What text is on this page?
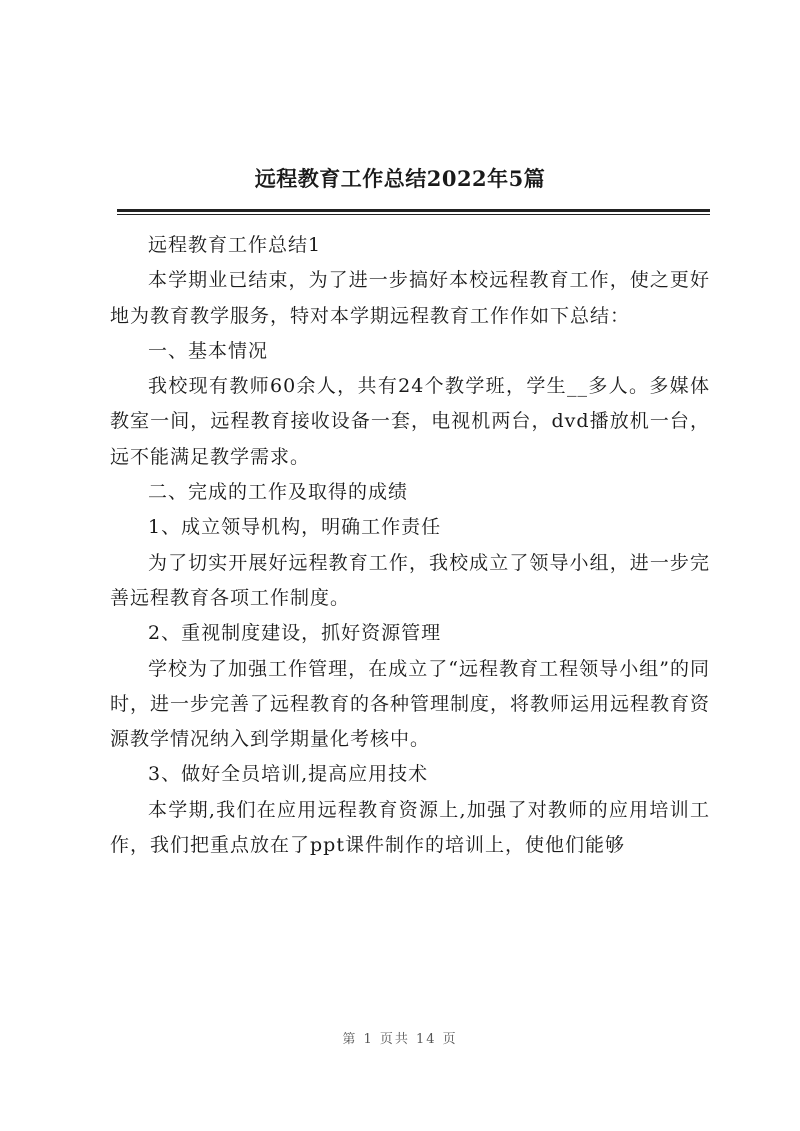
远程教育工作总结2022年5篇

远程教育工作总结1

本学期业已结束，为了进一步搞好本校远程教育工作，使之更好地为教育教学服务，特对本学期远程教育工作作如下总结：

一、基本情况

我校现有教师60余人，共有24个教学班，学生__多人。多媒体教室一间，远程教育接收设备一套，电视机两台，dvd播放机一台，远不能满足教学需求。

二、完成的工作及取得的成绩

1、成立领导机构，明确工作责任

为了切实开展好远程教育工作，我校成立了领导小组，进一步完善远程教育各项工作制度。

2、重视制度建设，抓好资源管理

学校为了加强工作管理，在成立了“远程教育工程领导小组”的同时，进一步完善了远程教育的各种管理制度，将教师运用远程教育资源教学情况纳入到学期量化考核中。

3、做好全员培训,提高应用技术

本学期,我们在应用远程教育资源上,加强了对教师的应用培训工作，我们把重点放在了ppt课件制作的培训上，使他们能够

第 1 页共 14 页
